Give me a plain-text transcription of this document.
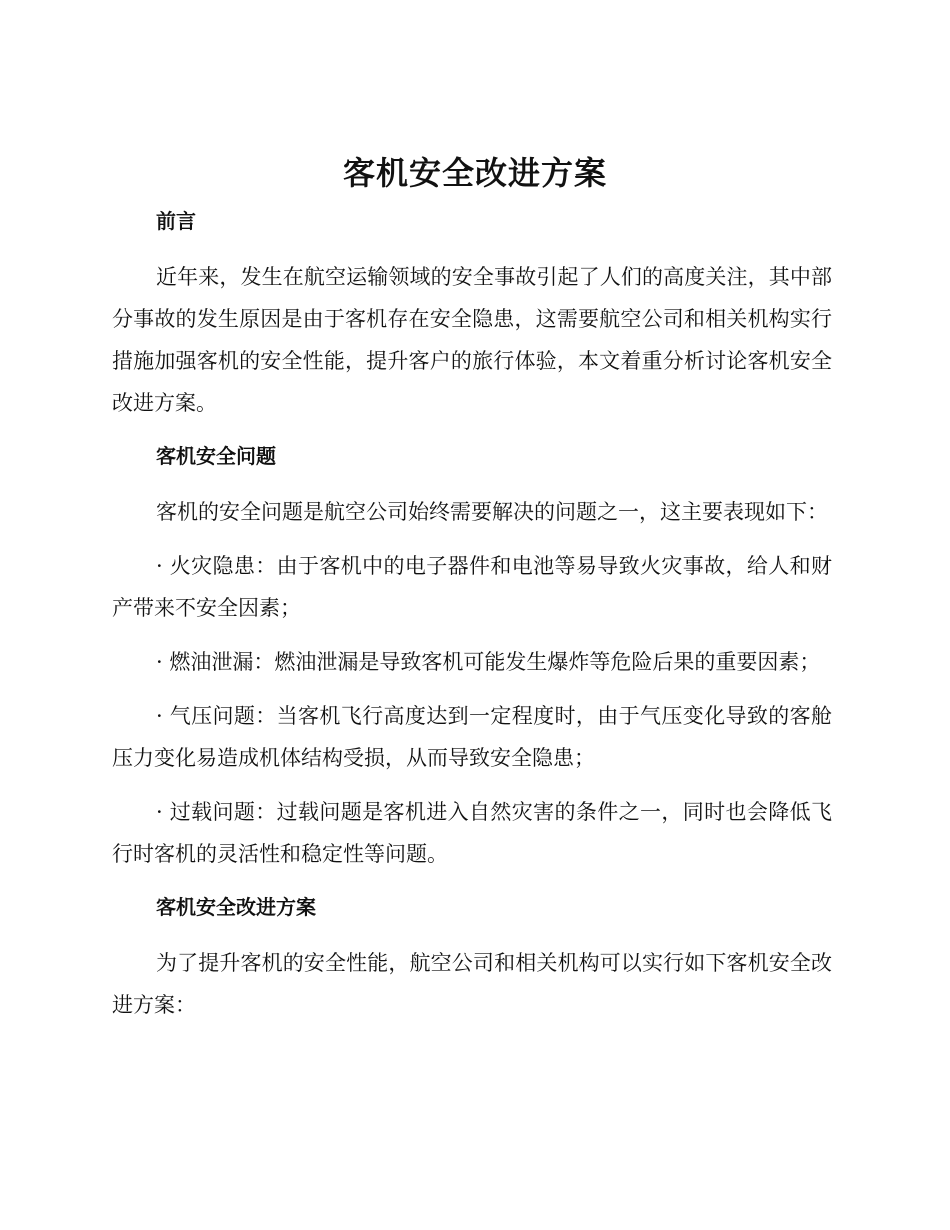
客机安全改进方案
前言

近年来，发生在航空运输领域的安全事故引起了人们的高度关注，其中部分事故的发生原因是由于客机存在安全隐患，这需要航空公司和相关机构实行措施加强客机的安全性能，提升客户的旅行体验，本文着重分析讨论客机安全改进方案。

客机安全问题

客机的安全问题是航空公司始终需要解决的问题之一，这主要表现如下：

· 火灾隐患：由于客机中的电子器件和电池等易导致火灾事故，给人和财产带来不安全因素；

· 燃油泄漏：燃油泄漏是导致客机可能发生爆炸等危险后果的重要因素；

· 气压问题：当客机飞行高度达到一定程度时，由于气压变化导致的客舱压力变化易造成机体结构受损，从而导致安全隐患；

· 过载问题：过载问题是客机进入自然灾害的条件之一，同时也会降低飞行时客机的灵活性和稳定性等问题。

客机安全改进方案

为了提升客机的安全性能，航空公司和相关机构可以实行如下客机安全改进方案：
